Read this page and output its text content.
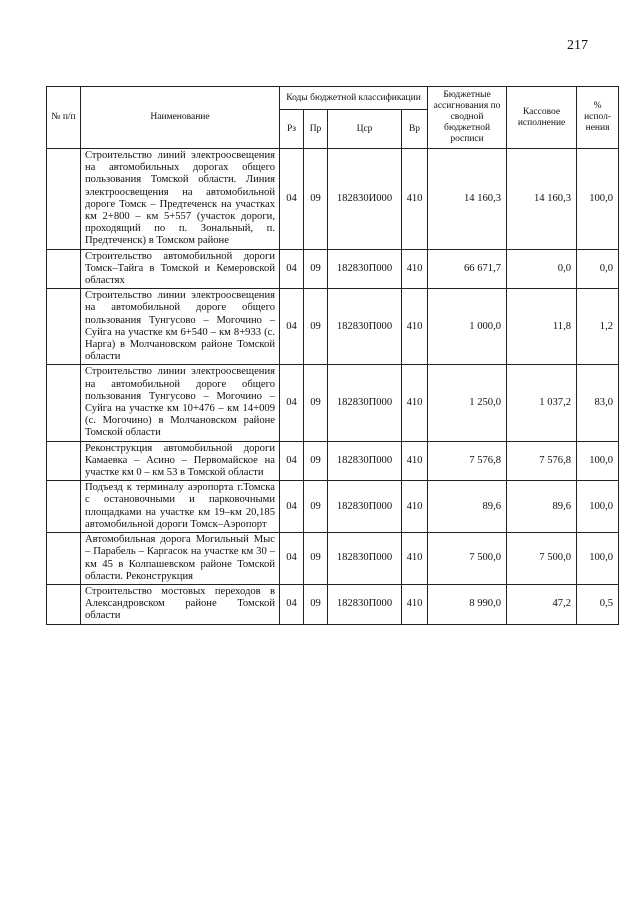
217
№ п/п	Наименование	Коды бюджетной классификации				Бюджетные ассигнования по сводной бюджетной росписи	Кассовое исполнение	% испол-нения
		Рз	Пр	Цср	Вр			
	Строительство линий электроосвещения на автомобильных дорогах общего пользования Томской области. Линия электроосвещения на автомобильной дороге Томск – Предтеченск на участках км 2+800 – км 5+557 (участок дороги, проходящий по п. Зональный, п. Предтеченск) в Томском районе	04	09	182830И000	410	14 160,3	14 160,3	100,0
	Строительство автомобильной дороги Томск–Тайга в Томской и Кемеровской областях	04	09	182830П000	410	66 671,7	0,0	0,0
	Строительство линии электроосвещения на автомобильной дороге общего пользования Тунгусово – Могочино – Суйга на участке км 6+540 – км 8+933 (с. Нарга) в Молчановском районе Томской области	04	09	182830П000	410	1 000,0	11,8	1,2
	Строительство линии электроосвещения на автомобильной дороге общего пользования Тунгусово – Могочино – Суйга на участке км 10+476 – км 14+009 (с. Могочино) в Молчановском районе Томской области	04	09	182830П000	410	1 250,0	1 037,2	83,0
	Реконструкция автомобильной дороги Камаевка – Асино – Первомайское на участке км 0 – км 53 в Томской области	04	09	182830П000	410	7 576,8	7 576,8	100,0
	Подъезд к терминалу аэропорта г.Томска с остановочными и парковочными площадками на участке км 19–км 20,185 автомобильной дороги Томск–Аэропорт	04	09	182830П000	410	89,6	89,6	100,0
	Автомобильная дорога Могильный Мыс – Парабель – Каргасок на участке км 30 –км 45 в Колпашевском районе Томской области. Реконструкция	04	09	182830П000	410	7 500,0	7 500,0	100,0
	Строительство мостовых переходов в Александровском районе Томской области	04	09	182830П000	410	8 990,0	47,2	0,5
